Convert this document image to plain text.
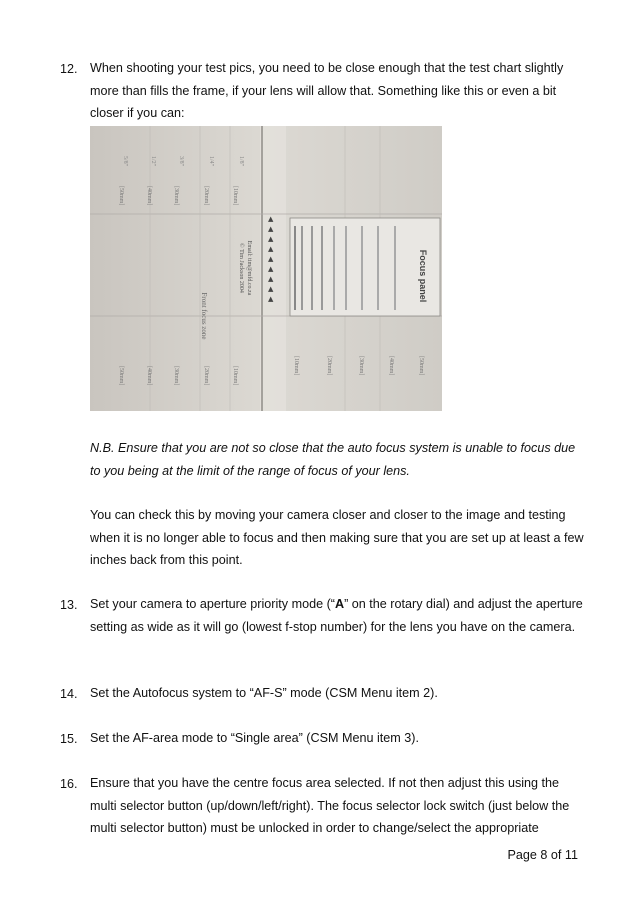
12. When shooting your test pics, you need to be close enough that the test chart slightly more than fills the frame, if your lens will allow that. Something like this or even a bit closer if you can:

Focus panel
Front focus zone
© Tim Jackson 2004 Email: tim@mfd.co.za
[10mm]
[20mm]
[30mm]
[40mm]
[50mm]
[10mm]
[20mm]
[30mm]
[40mm]
[50mm]
[10mm]	[20mm]	[30mm]	[40mm]	[50mm]
1/8"
1/4"
3/8"
1/2"
5/8"
▲
▲
▲
▲
▲
▲
▲
▲
▲

N.B. Ensure that you are not so close that the auto focus system is unable to focus due to you being at the limit of the range of focus of your lens.

You can check this by moving your camera closer and closer to the image and testing when it is no longer able to focus and then making sure that you are set up at least a few inches back from this point.

13. Set your camera to aperture priority mode (“A” on the rotary dial) and adjust the aperture setting as wide as it will go (lowest f-stop number) for the lens you have on the camera.

14. Set the Autofocus system to “AF-S” mode (CSM Menu item 2).

15. Set the AF-area mode to “Single area” (CSM Menu item 3).

16. Ensure that you have the centre focus area selected. If not then adjust this using the multi selector button (up/down/left/right). The focus selector lock switch (just below the multi selector button) must be unlocked in order to change/select the appropriate

Page 8 of 11
